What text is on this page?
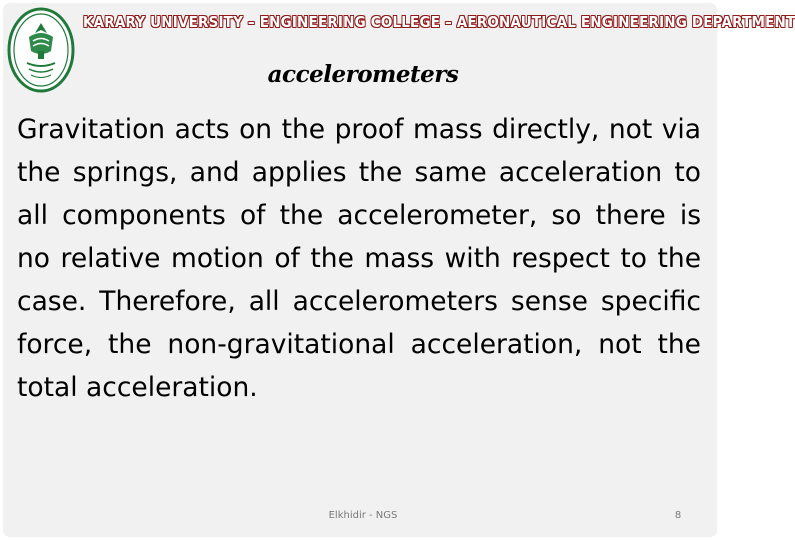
KARARY UNIVERSITY – ENGINEERING COLLEGE – AERONAUTICAL ENGINEERING DEPARTMENT
accelerometers

Gravitation acts on the proof mass directly, not via the springs, and applies the same acceleration to all components of the accelerometer, so there is no relative motion of the mass with respect to the case. Therefore, all accelerometers sense specific force, the non-gravitational acceleration, not the total acceleration.

Elkhidir - NGS	8
